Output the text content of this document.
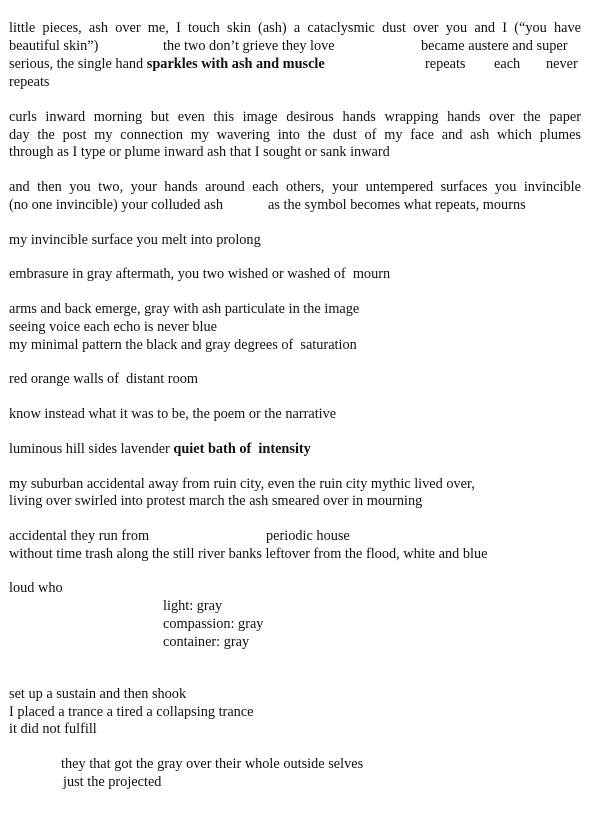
little pieces, ash over me, I touch skin (ash) a cataclysmic dust over you and I (“you have
beautiful skin”)	the two don’t grieve they love	became austere and super
serious, the single hand sparkles with ash and muscle	repeats each never
repeats
curls inward morning but even this image desirous hands wrapping hands over the paper
day the post my connection my wavering into the dust of my face and ash which plumes
through as I type or plume inward ash that I sought or sank inward
and then you two, your hands around each others, your untempered surfaces you invincible
(no one invincible) your colluded ash	as the symbol becomes what repeats, mourns
my invincible surface you melt into prolong
embrasure in gray aftermath, you two wished or washed of  mourn
arms and back emerge, gray with ash particulate in the image
seeing voice each echo is never blue
my minimal pattern the black and gray degrees of  saturation
red orange walls of  distant room
know instead what it was to be, the poem or the narrative
luminous hill sides lavender quiet bath of  intensity
my suburban accidental away from ruin city, even the ruin city mythic lived over,
living over swirled into protest march the ash smeared over in mourning
accidental they run from	periodic house
without time trash along the still river banks leftover from the flood, white and blue
loud who
light: gray
compassion: gray
container: gray
set up a sustain and then shook
I placed a trance a tired a collapsing trance
it did not fulfill
they that got the gray over their whole outside selves
just the projected
